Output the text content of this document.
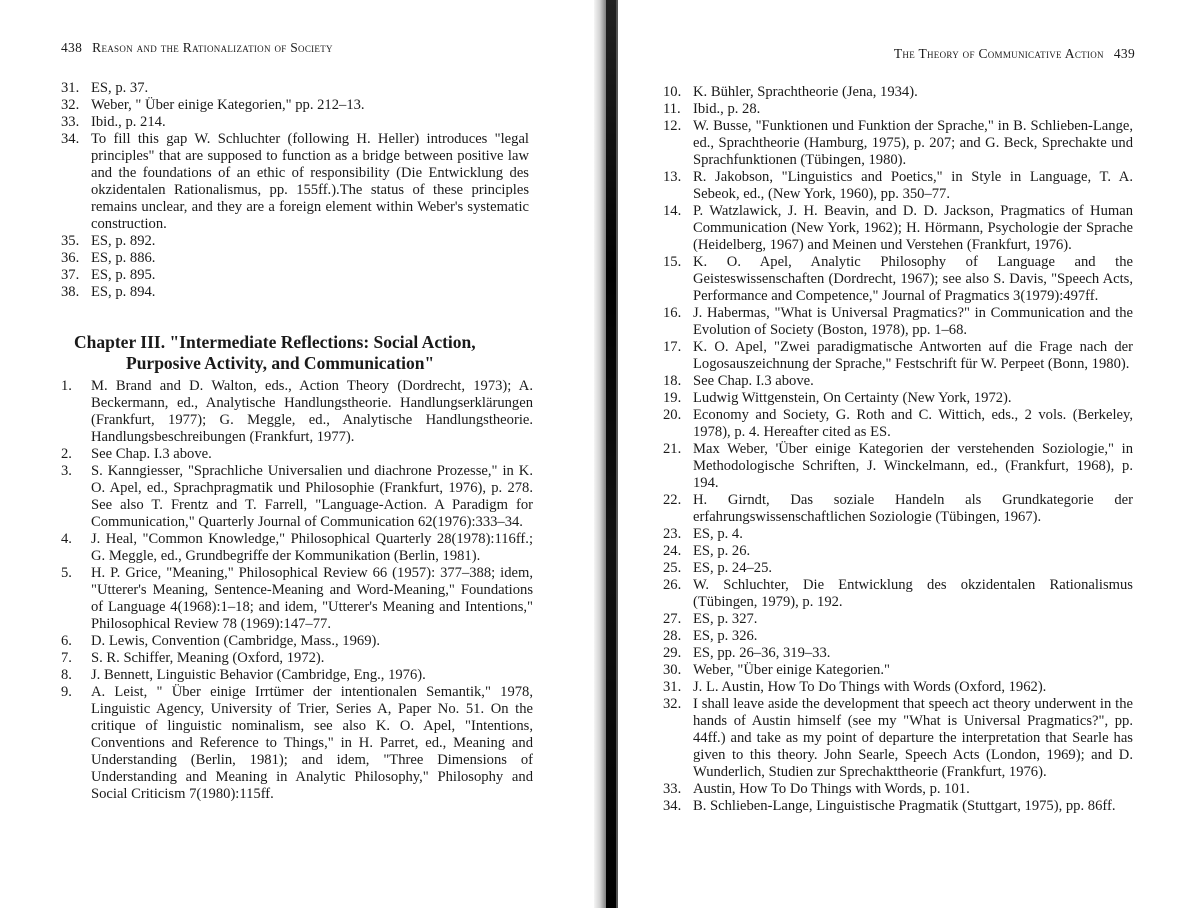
438 Reason and the Rationalization of Society
31. ES, p. 37.
32. Weber, " Über einige Kategorien," pp. 212–13.
33. Ibid., p. 214.
34. To fill this gap W. Schluchter (following H. Heller) introduces "legal principles" that are supposed to function as a bridge between positive law and the foundations of an ethic of responsibility (Die Entwicklung des okzidentalen Rationalismus, pp. 155ff.).The status of these principles remains unclear, and they are a foreign element within Weber's systematic construction.
35. ES, p. 892.
36. ES, p. 886.
37. ES, p. 895.
38. ES, p. 894.
Chapter III. "Intermediate Reflections: Social Action,
Purposive Activity, and Communication"
1.	M. Brand and D. Walton, eds., Action Theory (Dordrecht, 1973); A. Beckermann, ed., Analytische Handlungstheorie. Handlungserklärungen (Frankfurt, 1977); G. Meggle, ed., Analytische Handlungstheorie. Handlungsbeschreibungen (Frankfurt, 1977).
2.	See Chap. I.3 above.
3.	S. Kanngiesser, "Sprachliche Universalien und diachrone Prozesse," in K. O. Apel, ed., Sprachpragmatik und Philosophie (Frankfurt, 1976), p. 278. See also T. Frentz and T. Farrell, "Language-Action. A Paradigm for Communication," Quarterly Journal of Communication 62(1976):333–34.
4.	J. Heal, "Common Knowledge," Philosophical Quarterly 28(1978):116ff.; G. Meggle, ed., Grundbegriffe der Kommunikation (Berlin, 1981).
5.	H. P. Grice, "Meaning," Philosophical Review 66 (1957): 377–388; idem, "Utterer's Meaning, Sentence-Meaning and Word-Meaning," Foundations of Language 4(1968):1–18; and idem, "Utterer's Meaning and Intentions," Philosophical Review 78 (1969):147–77.
6.	D. Lewis, Convention (Cambridge, Mass., 1969).
7.	S. R. Schiffer, Meaning (Oxford, 1972).
8.	J. Bennett, Linguistic Behavior (Cambridge, Eng., 1976).
9.	A. Leist, " Über einige Irrtümer der intentionalen Semantik," 1978, Linguistic Agency, University of Trier, Series A, Paper No. 51. On the critique of linguistic nominalism, see also K. O. Apel, "Intentions, Conventions and Reference to Things," in H. Parret, ed., Meaning and Understanding (Berlin, 1981); and idem, "Three Dimensions of Understanding and Meaning in Analytic Philosophy," Philosophy and Social Criticism 7(1980):115ff.
The Theory of Communicative Action 439
10. K. Bühler, Sprachtheorie (Jena, 1934).
11. Ibid., p. 28.
12. W. Busse, "Funktionen und Funktion der Sprache," in B. Schlieben-Lange, ed., Sprachtheorie (Hamburg, 1975), p. 207; and G. Beck, Sprechakte und Sprachfunktionen (Tübingen, 1980).
13. R. Jakobson, "Linguistics and Poetics," in Style in Language, T. A. Sebeok, ed., (New York, 1960), pp. 350–77.
14. P. Watzlawick, J. H. Beavin, and D. D. Jackson, Pragmatics of Human Communication (New York, 1962); H. Hörmann, Psychologie der Sprache (Heidelberg, 1967) and Meinen und Verstehen (Frankfurt, 1976).
15. K. O. Apel, Analytic Philosophy of Language and the Geisteswissenschaften (Dordrecht, 1967); see also S. Davis, "Speech Acts, Performance and Competence," Journal of Pragmatics 3(1979):497ff.
16. J. Habermas, "What is Universal Pragmatics?" in Communication and the Evolution of Society (Boston, 1978), pp. 1–68.
17. K. O. Apel, "Zwei paradigmatische Antworten auf die Frage nach der Logosauszeichnung der Sprache," Festschrift für W. Perpeet (Bonn, 1980).
18. See Chap. I.3 above.
19. Ludwig Wittgenstein, On Certainty (New York, 1972).
20. Economy and Society, G. Roth and C. Wittich, eds., 2 vols. (Berkeley, 1978), p. 4. Hereafter cited as ES.
21. Max Weber, 'Über einige Kategorien der verstehenden Soziologie," in Methodologische Schriften, J. Winckelmann, ed., (Frankfurt, 1968), p. 194.
22. H. Girndt, Das soziale Handeln als Grundkategorie der erfahrungswissenschaftlichen Soziologie (Tübingen, 1967).
23. ES, p. 4.
24. ES, p. 26.
25. ES, p. 24–25.
26. W. Schluchter, Die Entwicklung des okzidentalen Rationalismus (Tübingen, 1979), p. 192.
27. ES, p. 327.
28. ES, p. 326.
29. ES, pp. 26–36, 319–33.
30. Weber, "Über einige Kategorien."
31. J. L. Austin, How To Do Things with Words (Oxford, 1962).
32. I shall leave aside the development that speech act theory underwent in the hands of Austin himself (see my "What is Universal Pragmatics?", pp. 44ff.) and take as my point of departure the interpretation that Searle has given to this theory. John Searle, Speech Acts (London, 1969); and D. Wunderlich, Studien zur Sprechakttheorie (Frankfurt, 1976).
33. Austin, How To Do Things with Words, p. 101.
34. B. Schlieben-Lange, Linguistische Pragmatik (Stuttgart, 1975), pp. 86ff.
